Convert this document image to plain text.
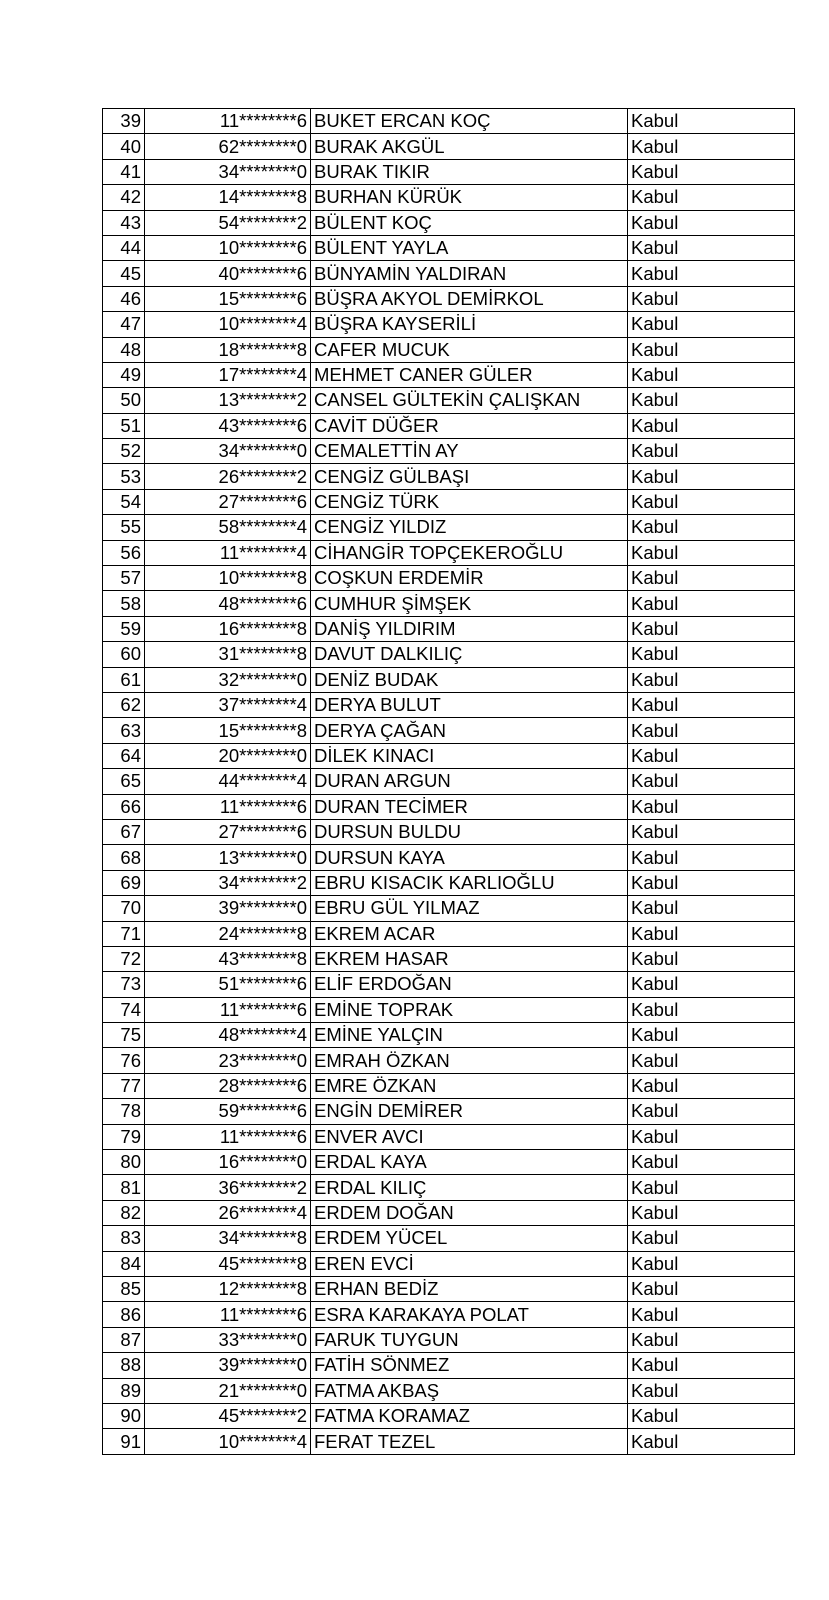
39	11********6	BUKET ERCAN KOÇ	Kabul
40	62********0	BURAK AKGÜL	Kabul
41	34********0	BURAK TIKIR	Kabul
42	14********8	BURHAN KÜRÜK	Kabul
43	54********2	BÜLENT KOÇ	Kabul
44	10********6	BÜLENT YAYLA	Kabul
45	40********6	BÜNYAMİN YALDIRAN	Kabul
46	15********6	BÜŞRA AKYOL DEMİRKOL	Kabul
47	10********4	BÜŞRA KAYSERİLİ	Kabul
48	18********8	CAFER MUCUK	Kabul
49	17********4	MEHMET CANER GÜLER	Kabul
50	13********2	CANSEL GÜLTEKİN ÇALIŞKAN	Kabul
51	43********6	CAVİT DÜĞER	Kabul
52	34********0	CEMALETTİN AY	Kabul
53	26********2	CENGİZ GÜLBAŞI	Kabul
54	27********6	CENGİZ TÜRK	Kabul
55	58********4	CENGİZ YILDIZ	Kabul
56	11********4	CİHANGİR TOPÇEKEROĞLU	Kabul
57	10********8	COŞKUN ERDEMİR	Kabul
58	48********6	CUMHUR ŞİMŞEK	Kabul
59	16********8	DANİŞ YILDIRIM	Kabul
60	31********8	DAVUT DALKILIÇ	Kabul
61	32********0	DENİZ BUDAK	Kabul
62	37********4	DERYA BULUT	Kabul
63	15********8	DERYA ÇAĞAN	Kabul
64	20********0	DİLEK KINACI	Kabul
65	44********4	DURAN ARGUN	Kabul
66	11********6	DURAN TECİMER	Kabul
67	27********6	DURSUN BULDU	Kabul
68	13********0	DURSUN KAYA	Kabul
69	34********2	EBRU KISACIK KARLIOĞLU	Kabul
70	39********0	EBRU GÜL YILMAZ	Kabul
71	24********8	EKREM ACAR	Kabul
72	43********8	EKREM HASAR	Kabul
73	51********6	ELİF ERDOĞAN	Kabul
74	11********6	EMİNE TOPRAK	Kabul
75	48********4	EMİNE YALÇIN	Kabul
76	23********0	EMRAH ÖZKAN	Kabul
77	28********6	EMRE ÖZKAN	Kabul
78	59********6	ENGİN DEMİRER	Kabul
79	11********6	ENVER AVCI	Kabul
80	16********0	ERDAL KAYA	Kabul
81	36********2	ERDAL KILIÇ	Kabul
82	26********4	ERDEM DOĞAN	Kabul
83	34********8	ERDEM YÜCEL	Kabul
84	45********8	EREN EVCİ	Kabul
85	12********8	ERHAN BEDİZ	Kabul
86	11********6	ESRA KARAKAYA POLAT	Kabul
87	33********0	FARUK TUYGUN	Kabul
88	39********0	FATİH SÖNMEZ	Kabul
89	21********0	FATMA AKBAŞ	Kabul
90	45********2	FATMA KORAMAZ	Kabul
91	10********4	FERAT TEZEL	Kabul
